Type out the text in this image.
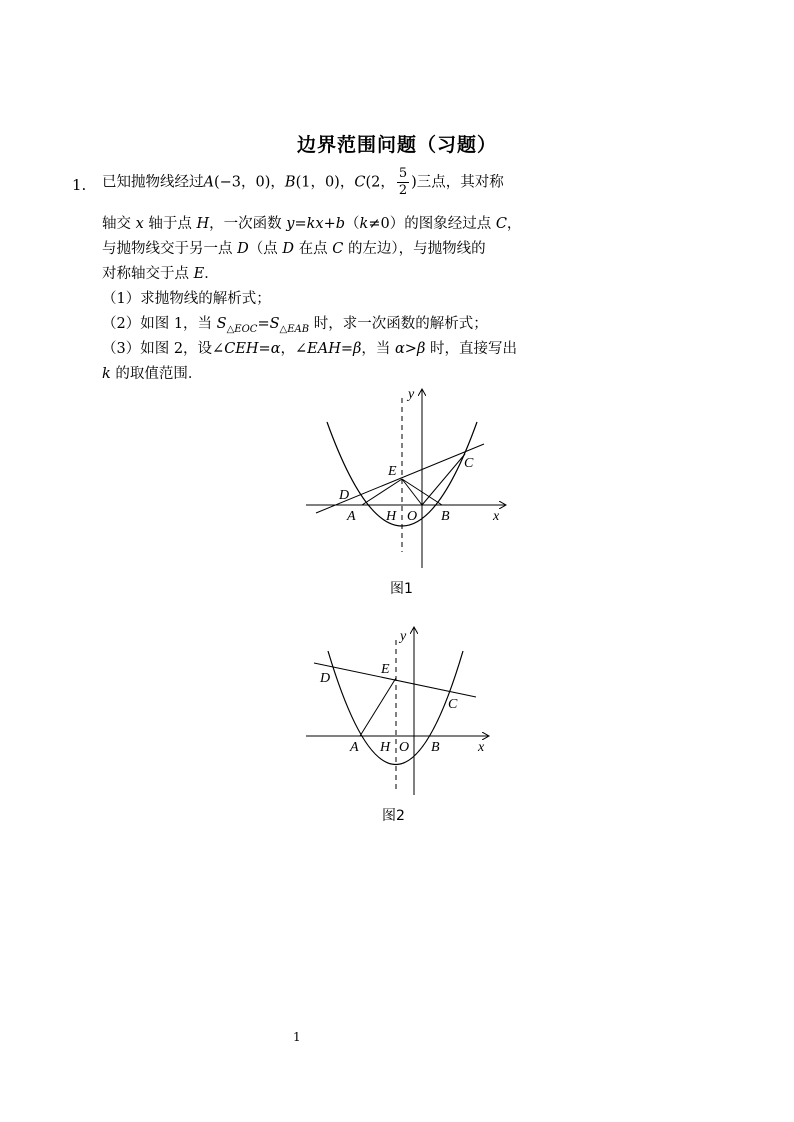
边界范围问题（习题）
1. 已知抛物线经过A(−3，0)，B(1，0)，C(2， $\frac{5}{2}$ )三点，其对称
轴交 x 轴于点 H，一次函数 y=kx+b（k≠0）的图象经过点 C，
与抛物线交于另一点 D（点 D 在点 C 的左边），与抛物线的
对称轴交于点 E．
（1）求抛物线的解析式；
（2）如图 1，当 $S_{\triangle EOC}=S_{\triangle EAB}$ 时，求一次函数的解析式；
（3）如图 2，设∠CEH=α，∠EAH=β，当 α>β 时，直接写出
k 的取值范围．
y
x
E
C
D
A H O B
y
x
E
D
C
A H O B
图1
图2
1
